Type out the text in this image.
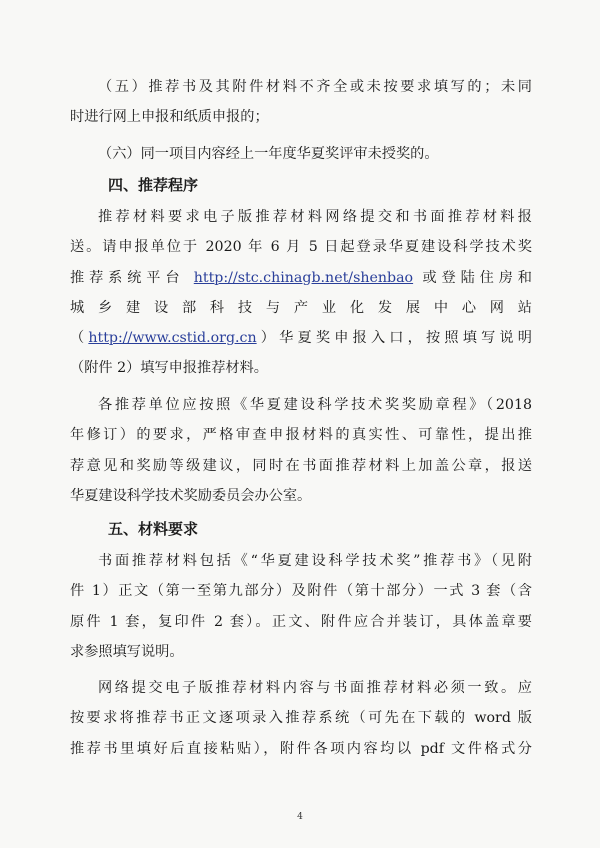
（五）推荐书及其附件材料不齐全或未按要求填写的；未同
时进行网上申报和纸质申报的；
（六）同一项目内容经上一年度华夏奖评审未授奖的。
四、推荐程序
推荐材料要求电子版推荐材料网络提交和书面推荐材料报
送。请申报单位于 2020 年 6 月 5 日起登录华夏建设科学技术奖
推荐系统平台 http://stc.chinagb.net/shenbao 或登陆住房和
城 乡 建 设 部 科 技 与 产 业 化 发 展 中 心 网 站
（http://www.cstid.org.cn）华夏奖申报入口，按照填写说明
（附件 2）填写申报推荐材料。
各推荐单位应按照《华夏建设科学技术奖奖励章程》（2018
年修订）的要求，严格审查申报材料的真实性、可靠性，提出推
荐意见和奖励等级建议，同时在书面推荐材料上加盖公章，报送
华夏建设科学技术奖励委员会办公室。
五、材料要求
书面推荐材料包括《“华夏建设科学技术奖”推荐书》（见附
件 1）正文（第一至第九部分）及附件（第十部分）一式 3 套（含
原件 1 套，复印件 2 套）。正文、附件应合并装订，具体盖章要
求参照填写说明。
网络提交电子版推荐材料内容与书面推荐材料必须一致。应
按要求将推荐书正文逐项录入推荐系统（可先在下载的 word 版
推荐书里填好后直接粘贴），附件各项内容均以 pdf 文件格式分
4
